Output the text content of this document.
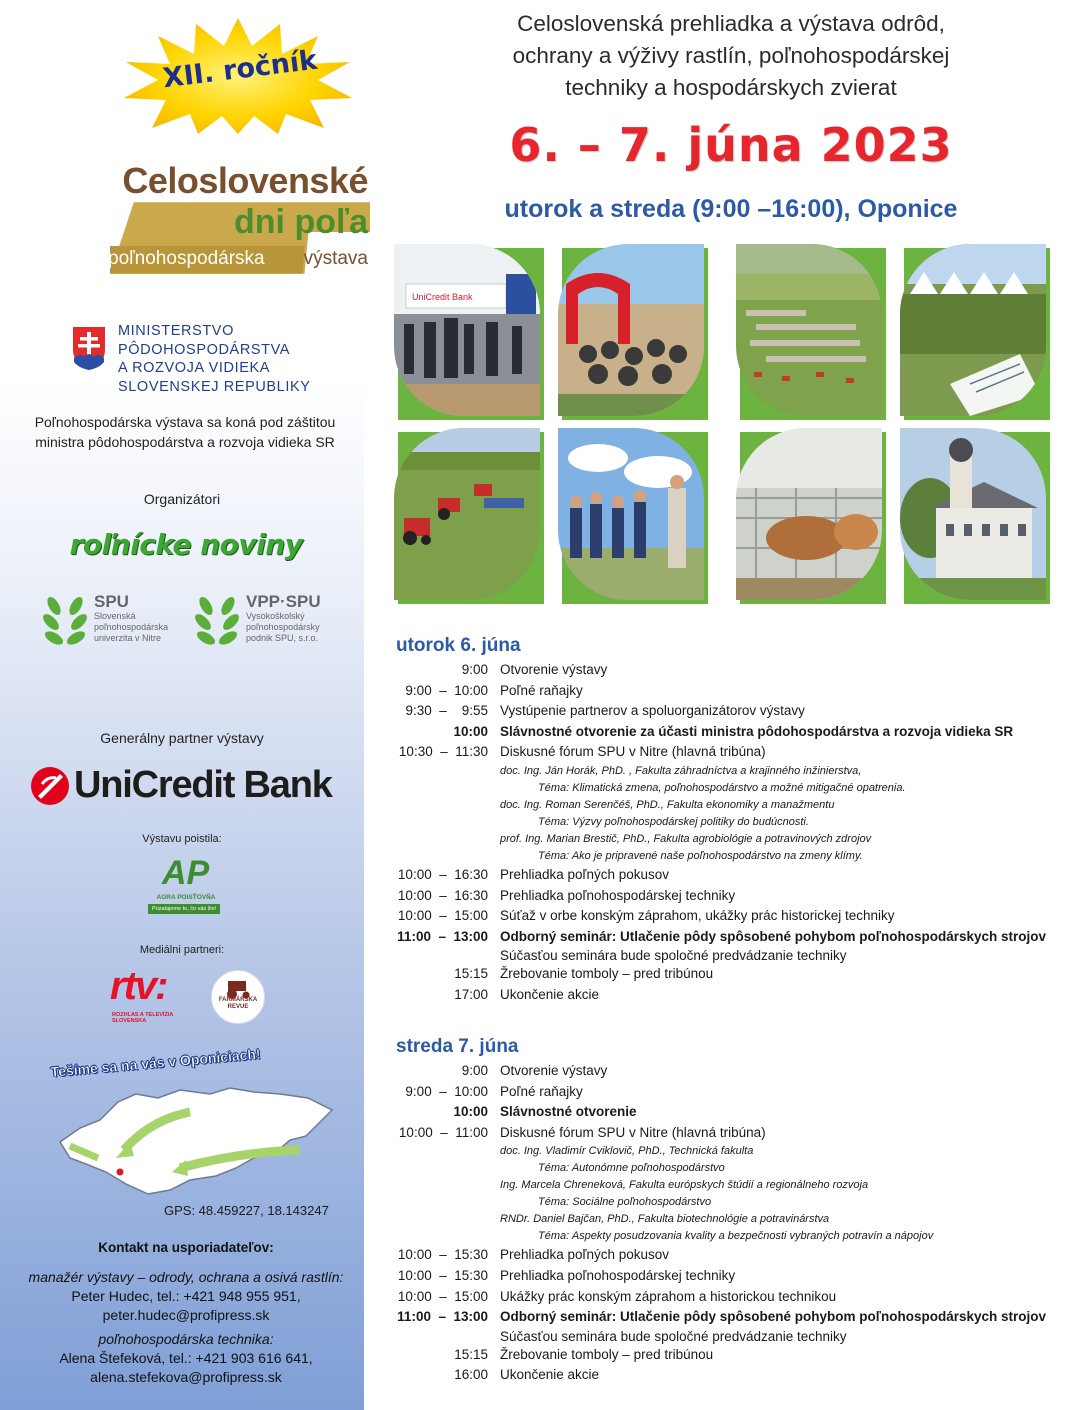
XII. ročník
Celoslovenské
dni poľa
poľnohospodárska výstava
MINISTERSTVO
PÔDOHOSPODÁRSTVA
A ROZVOJA VIDIEKA
SLOVENSKEJ REPUBLIKY
Poľnohospodárska výstava sa koná pod záštitou
ministra pôdohospodárstva a rozvoja vidieka SR
Organizátori
roľnícke noviny
SPU
Slovenská
poľnohospodárska
univerzita v Nitre
VPP·SPU
Vysokoškolský
poľnohospodársky
podnik SPU, s.r.o.
Generálny partner výstavy
UniCredit Bank
Výstavu poistila:
AP
AGRA POISŤOVŇA
Pozatajeme to, čo vás živí
Mediálni partneri:
rtv:
ROZHLAS A TELEVÍZIA SLOVENSKA
FARMÁRSKA
REVUE
Tešíme sa na vás v Oponiciach!
GPS: 48.459227, 18.143247
Kontakt na usporiadateľov:
manažér výstavy – odrody, ochrana a osivá rastlín:
Peter Hudec, tel.: +421 948 955 951,
peter.hudec@profipress.sk
poľnohospodárska technika:
Alena Štefeková, tel.: +421 903 616 641,
alena.stefekova@profipress.sk
Celoslovenská prehliadka a výstava odrôd,
ochrany a výživy rastlín, poľnohospodárskej
techniky a hospodárskych zvierat
6. – 7. júna 2023
utorok a streda (9:00 –16:00), Oponice
UniCredit Bank
utorok 6. júna
9:00 Otvorenie výstavy
9:00  –  10:00 Poľné raňajky
9:30  –    9:55 Vystúpenie partnerov a spoluorganizátorov výstavy
10:00 Slávnostné otvorenie za účasti ministra pôdohospodárstva a rozvoja vidieka SR
10:30  –  11:30 Diskusné fórum SPU v Nitre (hlavná tribúna)
doc. Ing. Ján Horák, PhD. , Fakulta záhradníctva a krajinného inžinierstva,
Téma: Klimatická zmena, poľnohospodárstvo a možné mitigačné opatrenia.
doc. Ing. Roman Serenčéš, PhD., Fakulta ekonomiky a manažmentu
Téma: Výzvy poľnohospodárskej politiky do budúcnosti.
prof. Ing. Marian Brestič, PhD., Fakulta agrobiológie a potravinových zdrojov
Téma: Ako je pripravené naše poľnohospodárstvo na zmeny klímy.
10:00  –  16:30 Prehliadka poľných pokusov
10:00  –  16:30 Prehliadka poľnohospodárskej techniky
10:00  –  15:00 Súťaž v orbe konským záprahom, ukážky prác historickej techniky
11:00  –  13:00 Odborný seminár: Utlačenie pôdy spôsobené pohybom poľnohospodárskych strojov
Súčasťou seminára bude spoločné predvádzanie techniky
15:15 Žrebovanie tomboly – pred tribúnou
17:00 Ukončenie akcie
streda 7. júna
9:00 Otvorenie výstavy
9:00  –  10:00 Poľné raňajky
10:00 Slávnostné otvorenie
10:00  –  11:00 Diskusné fórum SPU v Nitre (hlavná tribúna)
doc. Ing. Vladimír Cviklovič, PhD., Technická fakulta
Téma: Autonómne poľnohospodárstvo
Ing. Marcela Chreneková, Fakulta európskych štúdií a regionálneho rozvoja
Téma: Sociálne poľnohospodárstvo
RNDr. Daniel Bajčan, PhD., Fakulta biotechnológie a potravinárstva
Téma: Aspekty posudzovania kvality a bezpečnosti vybraných potravín a nápojov
10:00  –  15:30 Prehliadka poľných pokusov
10:00  –  15:30 Prehliadka poľnohospodárskej techniky
10:00  –  15:00 Ukážky prác konským záprahom a historickou technikou
11:00  –  13:00 Odborný seminár: Utlačenie pôdy spôsobené pohybom poľnohospodárskych strojov
Súčasťou seminára bude spoločné predvádzanie techniky
15:15 Žrebovanie tomboly – pred tribúnou
16:00 Ukončenie akcie
